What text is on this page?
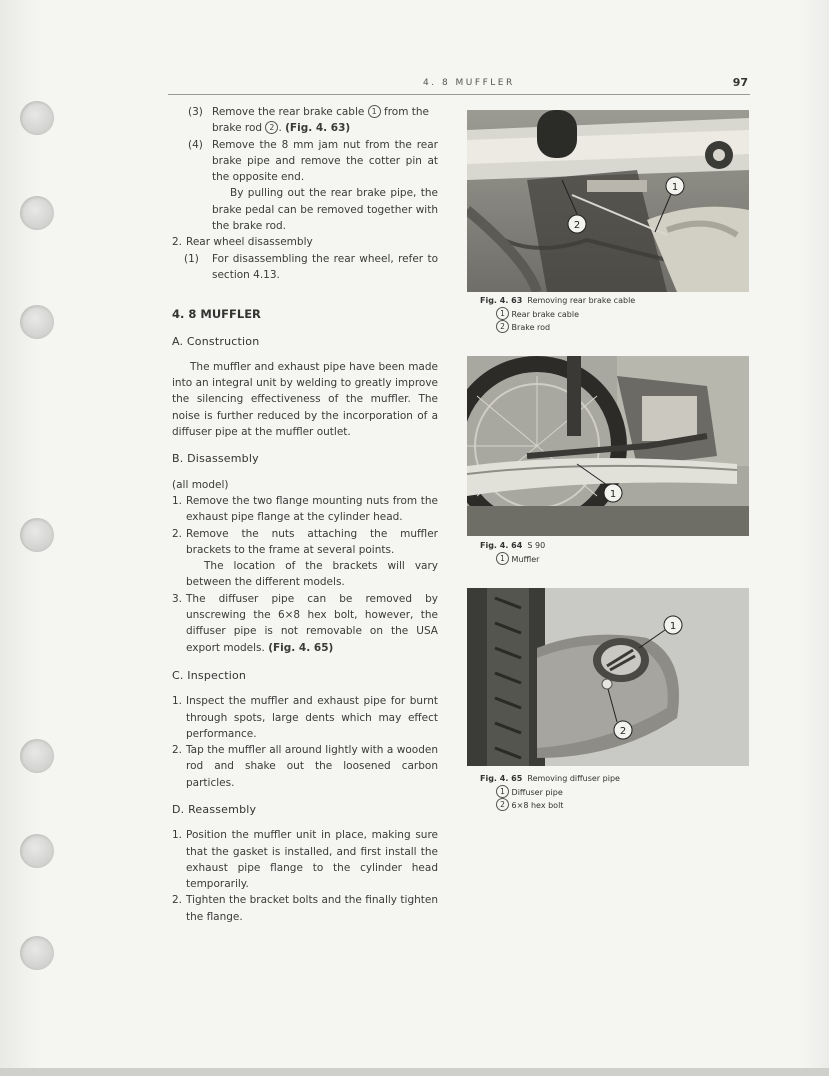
4. 8 MUFFLER	97
(3) Remove the rear brake cable 1 from the brake rod 2 . (Fig. 4. 63)
(4) Remove the 8 mm jam nut from the rear brake pipe and remove the cotter pin at the opposite end.

By pulling out the rear brake pipe, the brake pedal can be removed together with the brake rod.

2. Rear wheel disassembly
(1) For disassembling the rear wheel, refer to section 4.13.
4. 8 MUFFLER
A. Construction

The muffler and exhaust pipe have been made into an integral unit by welding to greatly improve the silencing effectiveness of the muffler. The noise is further reduced by the incorporation of a diffuser pipe at the muffler outlet.

B. Disassembly

(all model)

1. Remove the two flange mounting nuts from the exhaust pipe flange at the cylinder head.
2. Remove the nuts attaching the muffler brackets to the frame at several points.

The location of the brackets will vary between the different models.

3. The diffuser pipe can be removed by unscrewing the 6×8 hex bolt, however, the diffuser pipe is not removable on the USA export models. (Fig. 4. 65)
C. Inspection
1. Inspect the muffler and exhaust pipe for burnt through spots, large dents which may effect performance.
2. Tap the muffler all around lightly with a wooden rod and shake out the loosened carbon particles.
D. Reassembly
1. Position the muffler unit in place, making sure that the gasket is installed, and first install the exhaust pipe flange to the cylinder head temporarily.
2. Tighten the bracket bolts and the finally tighten the flange.
1
2
Fig. 4. 63 Removing rear brake cable
1 Rear brake cable
2 Brake rod
1
Fig. 4. 64 S 90
1 Muffler
1
2
Fig. 4. 65 Removing diffuser pipe
1 Diffuser pipe
2 6×8 hex bolt
